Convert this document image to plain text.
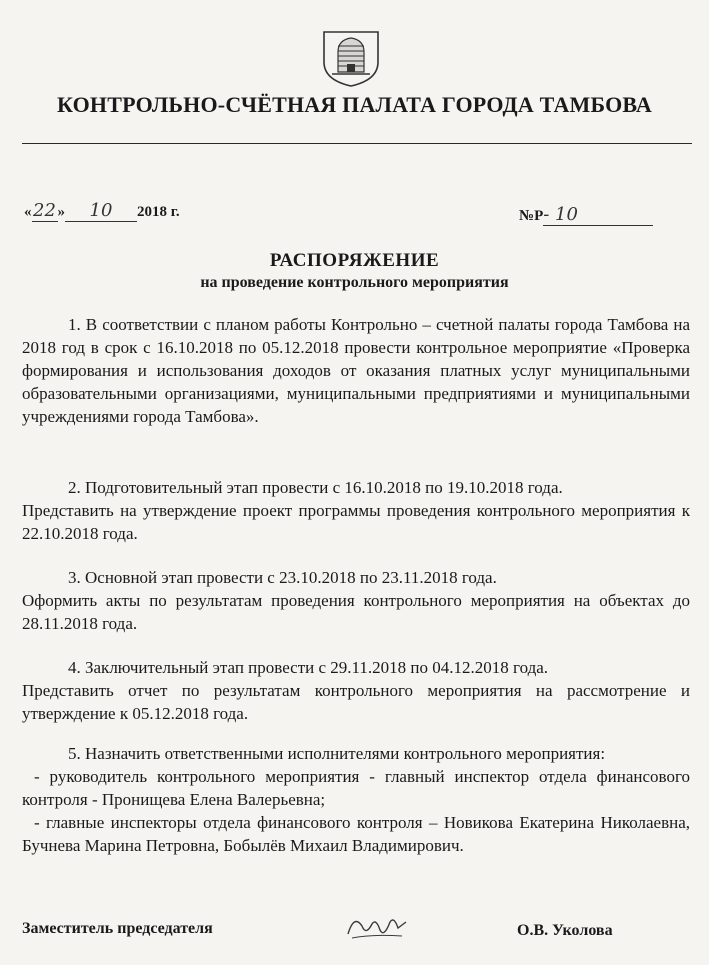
КОНТРОЛЬНО-СЧЁТНАЯ ПАЛАТА ГОРОДА ТАМБОВА
«22 » 10 2018 г.	№Р- 10
РАСПОРЯЖЕНИЕ
на проведение контрольного мероприятия

1. В соответствии с планом работы Контрольно – счетной палаты города Тамбова на 2018 год в срок с 16.10.2018 по 05.12.2018 провести контрольное мероприятие «Проверка формирования и использования доходов от оказания платных услуг муниципальными образовательными организациями, муниципальными предприятиями и муниципальными учреждениями города Тамбова».

2. Подготовительный этап провести с 16.10.2018 по 19.10.2018 года.

Представить на утверждение проект программы проведения контрольного мероприятия к 22.10.2018 года.

3. Основной этап провести с 23.10.2018 по 23.11.2018 года.

Оформить акты по результатам проведения контрольного мероприятия на объектах до 28.11.2018 года.

4. Заключительный этап провести с 29.11.2018 по 04.12.2018 года.

Представить отчет по результатам контрольного мероприятия на рассмотрение и утверждение к 05.12.2018 года.

5. Назначить ответственными исполнителями контрольного мероприятия:

- руководитель контрольного мероприятия - главный инспектор отдела финансового контроля - Пронищева Елена Валерьевна;

- главные инспекторы отдела финансового контроля – Новикова Екатерина Николаевна, Бучнева Марина Петровна, Бобылёв Михаил Владимирович.

Заместитель председателя	О.В. Уколова
